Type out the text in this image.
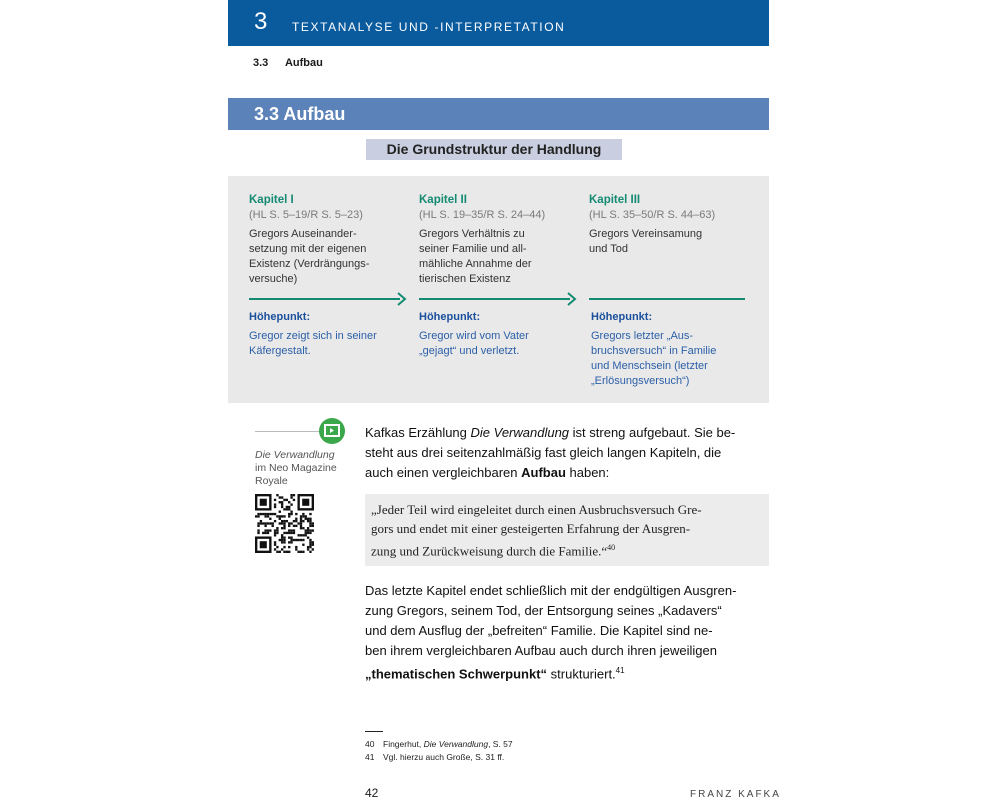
3 TEXTANALYSE UND -INTERPRETATION
3.3 Aufbau
3.3 Aufbau
Die Grundstruktur der Handlung
Kapitel I
(HL S. 5–19/R S. 5–23)
Gregors Auseinander-
setzung mit der eigenen
Existenz (Verdrängungs-
versuche)
Höhepunkt:
Gregor zeigt sich in seiner
Käfergestalt.
Kapitel II
(HL S. 19–35/R S. 24–44)
Gregors Verhältnis zu
seiner Familie und all-
mähliche Annahme der
tierischen Existenz
Höhepunkt:
Gregor wird vom Vater
„gejagt“ und verletzt.
Kapitel III
(HL S. 35–50/R S. 44–63)
Gregors Vereinsamung
und Tod
Höhepunkt:
Gregors letzter „Aus-
bruchsversuch“ in Familie
und Menschsein (letzter
„Erlösungsversuch“)
Die Verwandlung
im Neo Magazine
Royale
Kafkas Erzählung Die Verwandlung ist streng aufgebaut. Sie be-
steht aus drei seitenzahlmäßig fast gleich langen Kapiteln, die
auch einen vergleichbaren Aufbau haben:
„Jeder Teil wird eingeleitet durch einen Ausbruchsversuch Gre-
gors und endet mit einer gesteigerten Erfahrung der Ausgren-
zung und Zurückweisung durch die Familie.“$^{40}$
Das letzte Kapitel endet schließlich mit der endgültigen Ausgren-
zung Gregors, seinem Tod, der Entsorgung seines „Kadavers“
und dem Ausflug der „befreiten“ Familie. Die Kapitel sind ne-
ben ihrem vergleichbaren Aufbau auch durch ihren jeweiligen
„thematischen Schwerpunkt“ strukturiert.$^{41}$
40 Fingerhut, Die Verwandlung, S. 57
41 Vgl. hierzu auch Große, S. 31 ff.
42	FRANZ KAFKA
